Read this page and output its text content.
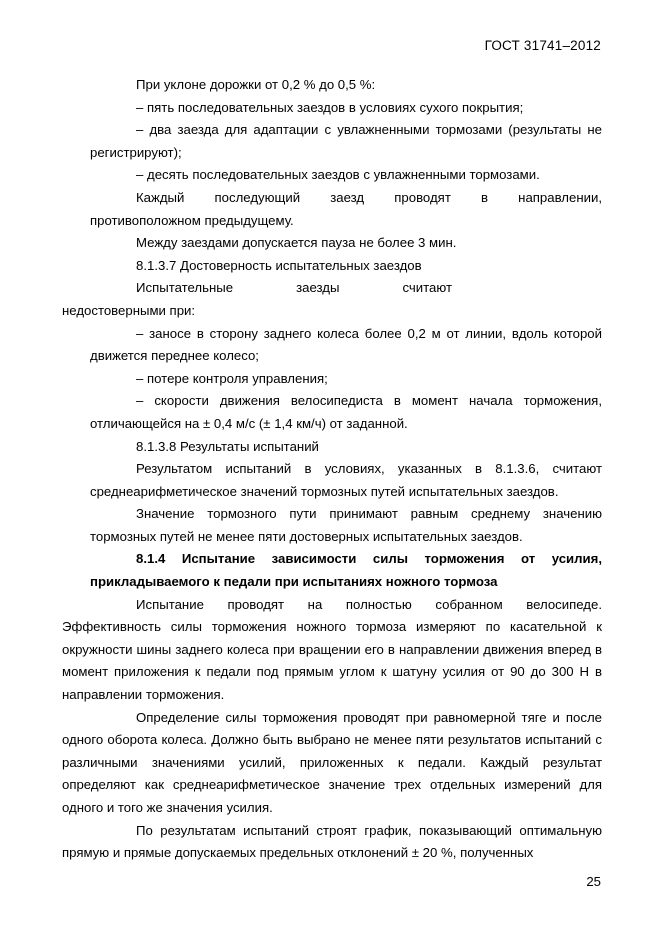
ГОСТ 31741–2012

При уклоне дорожки от 0,2 % до 0,5 %:

– пять последовательных заездов в условиях сухого покрытия;

– два заезда для адаптации с увлажненными тормозами (результаты не регистрируют);

– десять последовательных заездов с увлажненными тормозами.

Каждый последующий заезд проводят в направлении,

противоположном предыдущему.

Между заездами допускается пауза не более 3 мин.

8.1.3.7 Достоверность испытательных заездов

Испытательные заезды считают

недостоверными при:

– заносе в сторону заднего колеса более 0,2 м от линии, вдоль которой движется переднее колесо;

– потере контроля управления;

– скорости движения велосипедиста в момент начала торможения, отличающейся на ± 0,4 м/с (± 1,4 км/ч) от заданной.

8.1.3.8 Результаты испытаний

Результатом испытаний в условиях, указанных в 8.1.3.6, считают среднеарифметическое значений тормозных путей испытательных заездов.

Значение тормозного пути принимают равным среднему значению тормозных путей не менее пяти достоверных испытательных заездов.

8.1.4 Испытание зависимости силы торможения от усилия, прикладываемого к педали при испытаниях ножного тормоза

Испытание проводят на полностью собранном велосипеде. Эффективность силы торможения ножного тормоза измеряют по касательной к окружности шины заднего колеса при вращении его в направлении движения вперед в момент приложения к педали под прямым углом к шатуну усилия от 90 до 300 Н в направлении торможения.

Определение силы торможения проводят при равномерной тяге и после одного оборота колеса. Должно быть выбрано не менее пяти результатов испытаний с различными значениями усилий, приложенных к педали. Каждый результат определяют как среднеарифметическое значение трех отдельных измерений для одного и того же значения усилия.

По результатам испытаний строят график, показывающий оптимальную прямую и прямые допускаемых предельных отклонений ± 20 %, полученных

25
